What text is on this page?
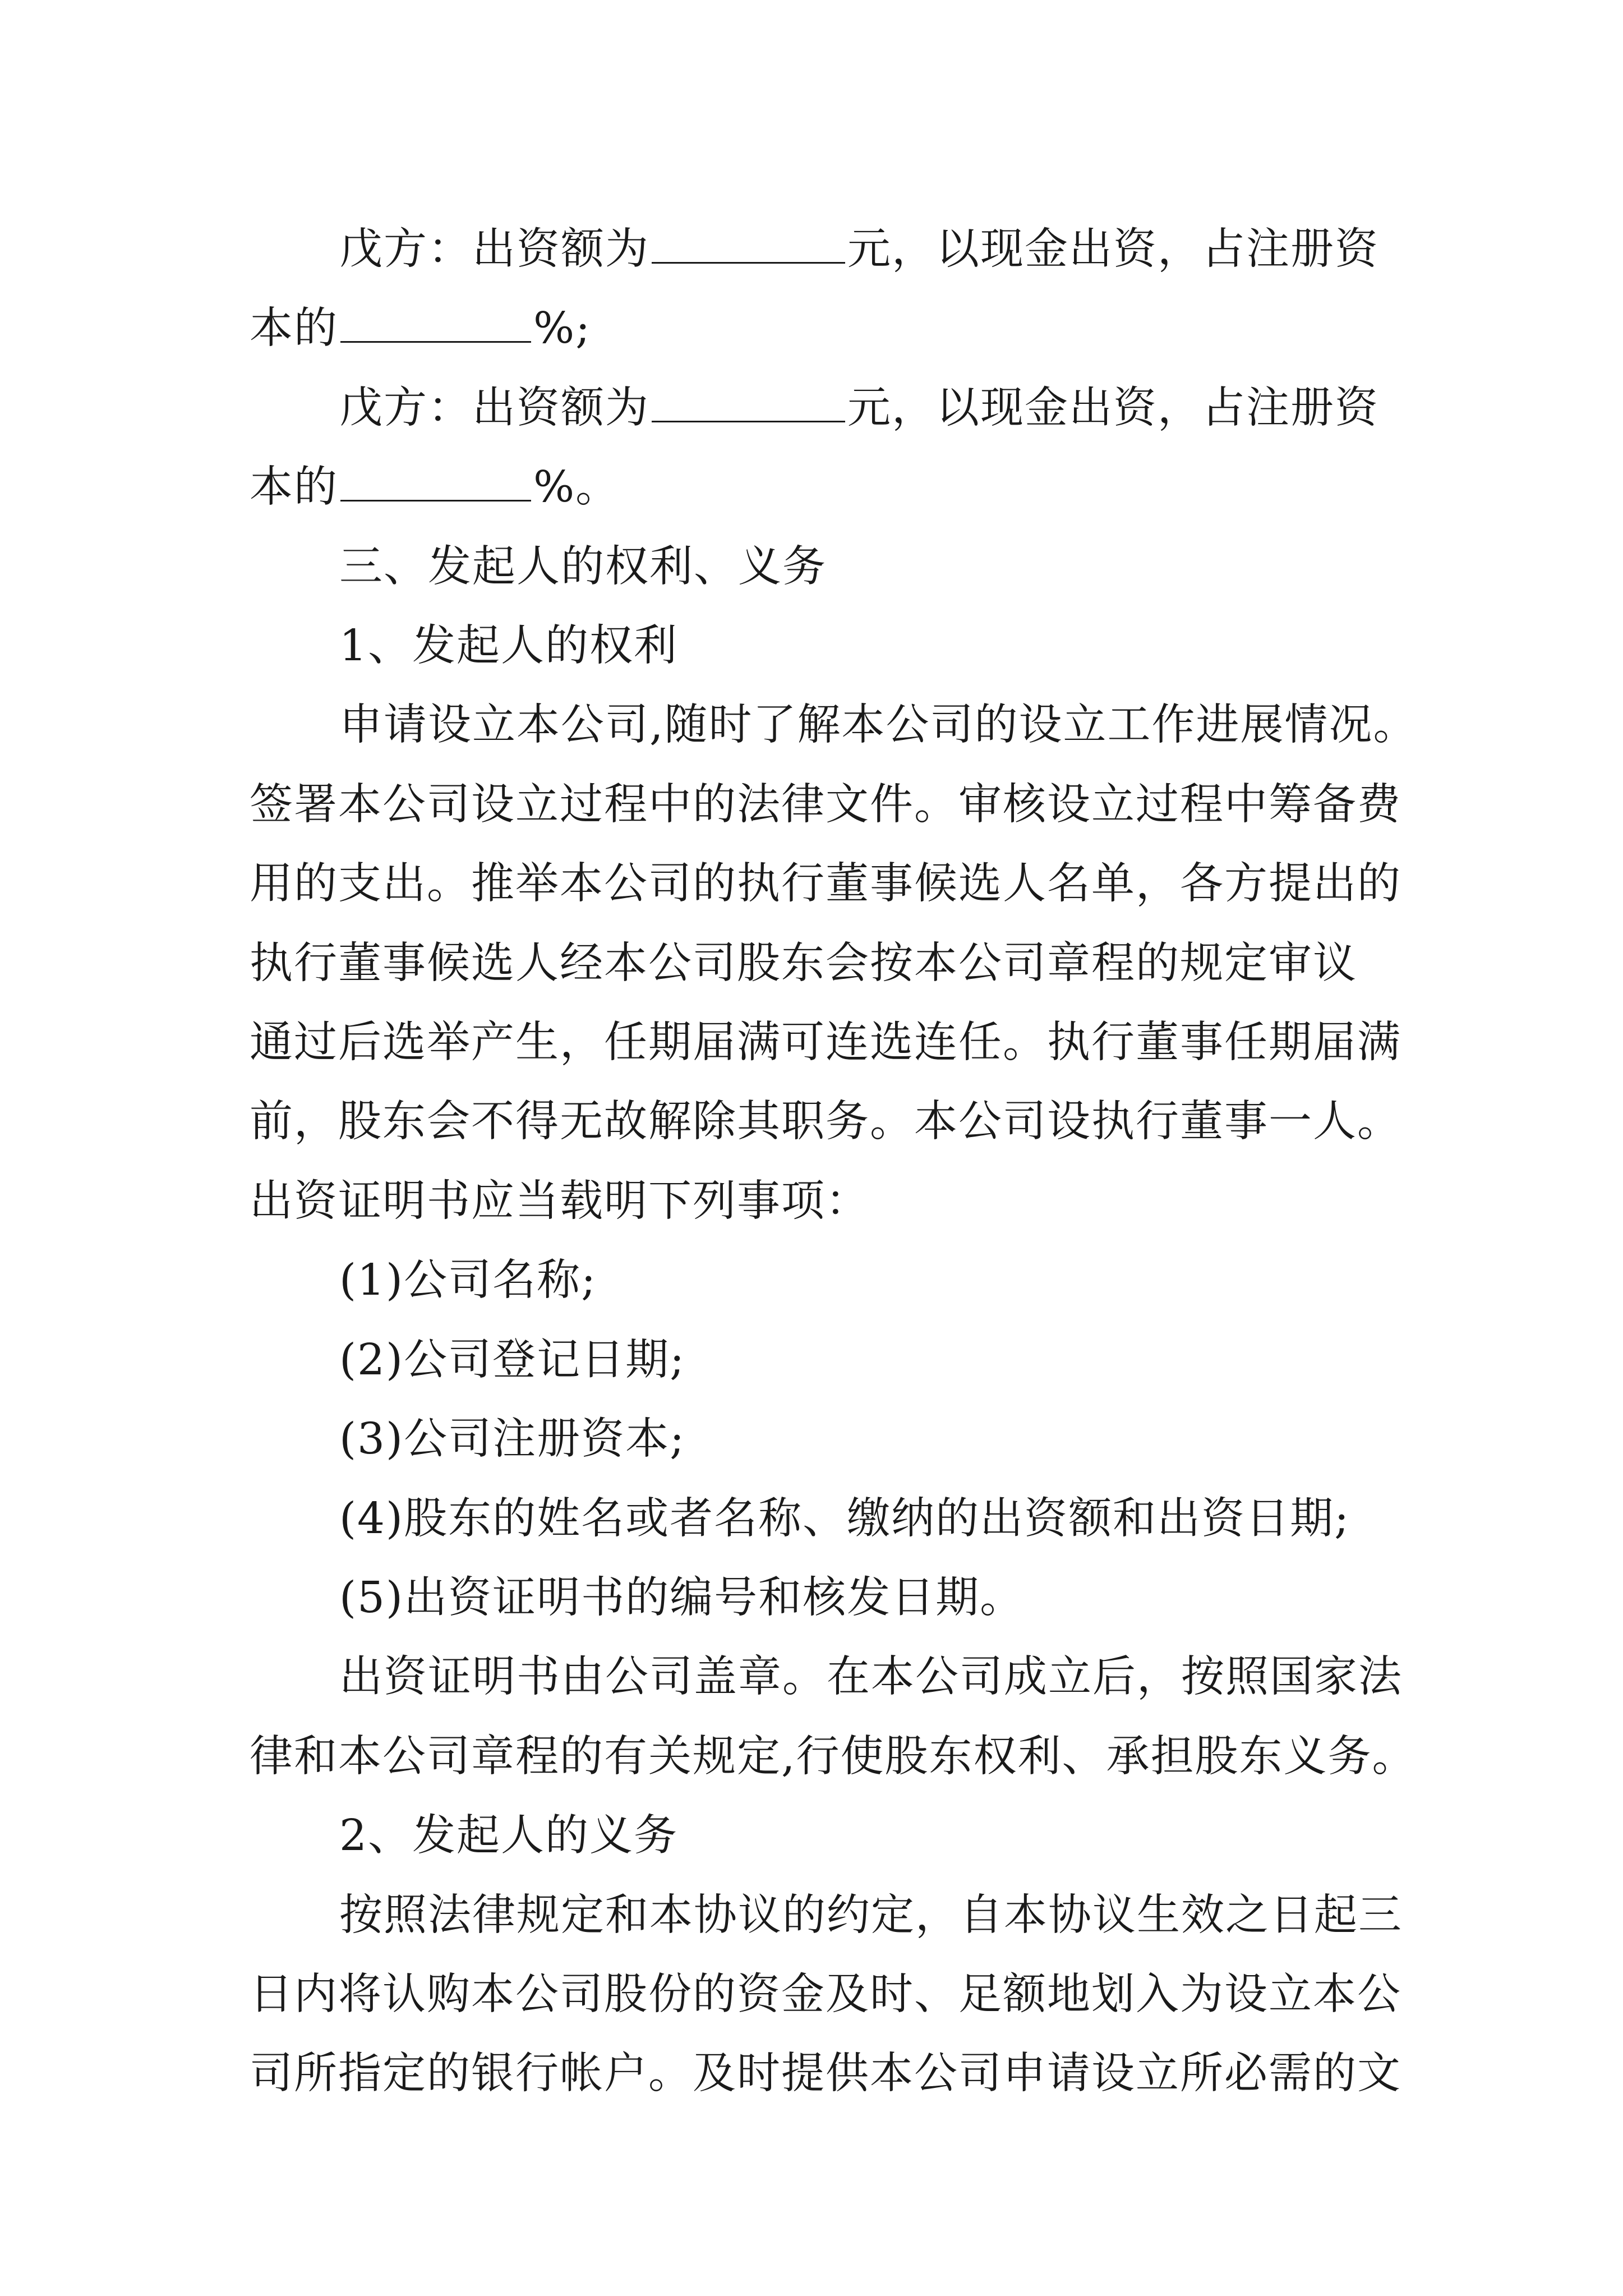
戊方：出资额为	元，以现金出资，占注册资
本的	%;

戊方：出资额为	元，以现金出资，占注册资
本的	%。

三、发起人的权利、义务

1、发起人的权利

申请设立本公司,随时了解本公司的设立工作进展情况。
签署本公司设立过程中的法律文件。审核设立过程中筹备费
用的支出。推举本公司的执行董事候选人名单，各方提出的
执行董事候选人经本公司股东会按本公司章程的规定审议
通过后选举产生，任期届满可连选连任。执行董事任期届满
前，股东会不得无故解除其职务。本公司设执行董事一人。
出资证明书应当载明下列事项：

(1)公司名称;

(2)公司登记日期;

(3)公司注册资本;

(4)股东的姓名或者名称、缴纳的出资额和出资日期;

(5)出资证明书的编号和核发日期。

出资证明书由公司盖章。在本公司成立后，按照国家法
律和本公司章程的有关规定,行使股东权利、承担股东义务。

2、发起人的义务

按照法律规定和本协议的约定，自本协议生效之日起三
日内将认购本公司股份的资金及时、足额地划入为设立本公
司所指定的银行帐户。及时提供本公司申请设立所必需的文
